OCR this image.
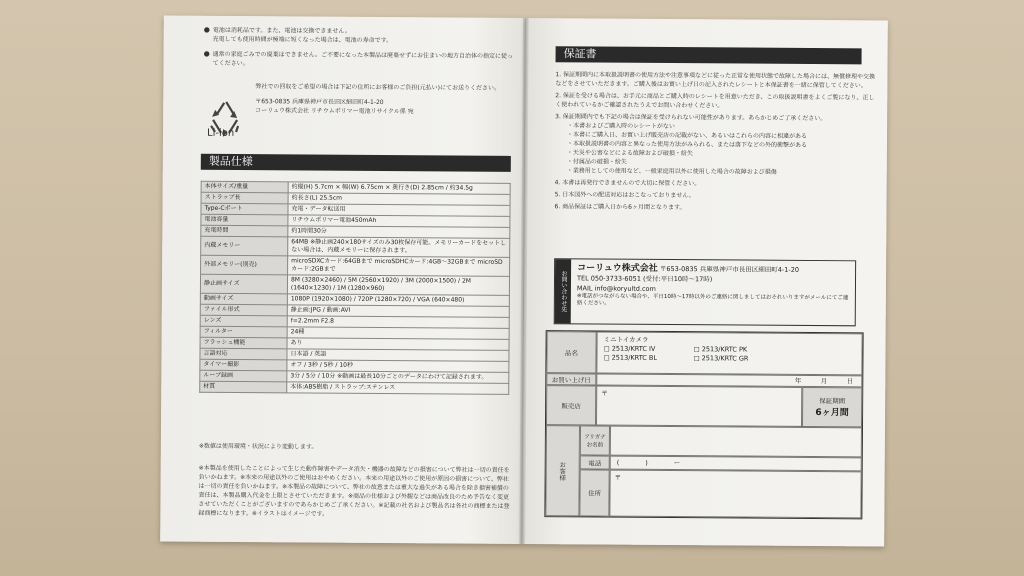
● 電池は消耗品です。また、電池は交換できません。
充電しても使用時間が極端に短くなった場合は、電池の寿命です。
● 通常の家庭ごみでの廃棄はできません。ご不要になった本製品は廃棄せずにお住まいの地方自治体の指定に従ってください。
Li-ion
弊社での回収をご希望の場合は下記の住所にお客様のご負担(元払い)にてお送りください。
〒653-0835 兵庫県神戸市長田区細田町4-1-20
コーリュウ株式会社 リチウムポリマー電池リサイクル係 宛
製品仕様
本体サイズ/重量	約縦(H) 5.7cm × 幅(W) 6.75cm × 奥行き(D) 2.85cm / 約34.5g
ストラップ長	約長さ(L) 25.5cm
Type-Cポート	充電・データ転送用
電池容量	リチウムポリマー電池450mAh
充電時間	約1時間30分
内蔵メモリー	64MB ※静止画240×180サイズのみ30枚保存可能。メモリーカードをセットしない場合は、内蔵メモリーに保存されます。
外部メモリー(別売)	microSDXCカード:64GBまで microSDHCカード:4GB〜32GBまで microSDカード:2GBまで
静止画サイズ	8M (3280×2460) / 5M (2560×1920) / 3M (2000×1500) / 2M (1640×1230) / 1M (1280×960)
動画サイズ	1080P (1920×1080) / 720P (1280×720) / VGA (640×480)
ファイル形式	静止画:JPG / 動画:AVI
レンズ	f=2.2mm F2.8
フィルター	24種
フラッシュ機能	あり
言語対応	日本語 / 英語
タイマー撮影	オフ / 3秒 / 5秒 / 10秒
ループ録画	3分 / 5分 / 10分 ※動画は最長10分ごとのデータにわけて記録されます。
材質	本体:ABS樹脂 / ストラップ:ステンレス
※数値は使用環境・状況により変動します。
※本製品を使用したことによって生じた動作障害やデータ消失・機器の故障などの損害について弊社は一切の責任を負いかねます。※本来の用途以外のご使用はおやめください。本来の用途以外のご使用が原因の損害について、弊社は一切の責任を負いかねます。※本製品の故障について、弊社の故意または重大な過失がある場合を除き損害補償の責任は、本製品購入代金を上限とさせていただきます。※商品の仕様および外観などは商品改良のため予告なく変更させていただくことがございますのであらかじめご了承ください。※記載の社名および製品名は各社の商標または登録商標になります。※イラストはイメージです。
保証書
1. 保証期間内に本取扱説明書の使用方法や注意事項などに従った正常な使用状態で故障した場合には、無償修理や交換などをさせていただきます。ご購入後はお買い上げ日の記入されたレシートと本保証書を一緒に保管してください。
2. 保証を受ける場合は、お手元に商品とご購入時のレシートを用意いただき、この取扱説明書をよくご覧になり、正しく使われているかご確認されたうえでお問い合わせください。
3. 保証期間内でも下記の場合は保証を受けられない可能性があります。あらかじめご了承ください。
・本書およびご購入時のレシートがない
・本書にご購入日、お買い上げ販売店の記載がない、あるいはこれらの内容に相違がある
・本取扱説明書の内容と異なった使用方法がみられる、または落下などの外的衝撃がある
・天災や公害などによる故障および破損・紛失
・付属品の破損・紛失
・業務用としての使用など、一般家庭用以外に使用した場合の故障および損傷
4. 本書は再発行できませんので大切に保管ください。
5. 日本国外への配送対応はおこなっておりません。
6. 商品保証はご購入日から6ヶ月間となります。
お問い合わせ先
コーリュウ株式会社 〒653-0835 兵庫県神戸市長田区細田町4-1-20
TEL 050-3733-6051 (受付:平日10時〜17時)
MAIL info@koryultd.com
※電話がつながらない場合や、平日10時〜17時以外のご連絡に関しましてはおそれいりますがメールにてご連絡ください。
品名
ミニトイカメラ
□ 2513/KRTC IV	□ 2513/KRTC PK
□ 2513/KRTC BL	□ 2513/KRTC GR
お買い上げ日	年　　　月　　　日
販売店
〒
保証期間
6ヶ月間
お客様
フリガナ お名前
電話	(　　　　)　　　　ー
住所
〒
